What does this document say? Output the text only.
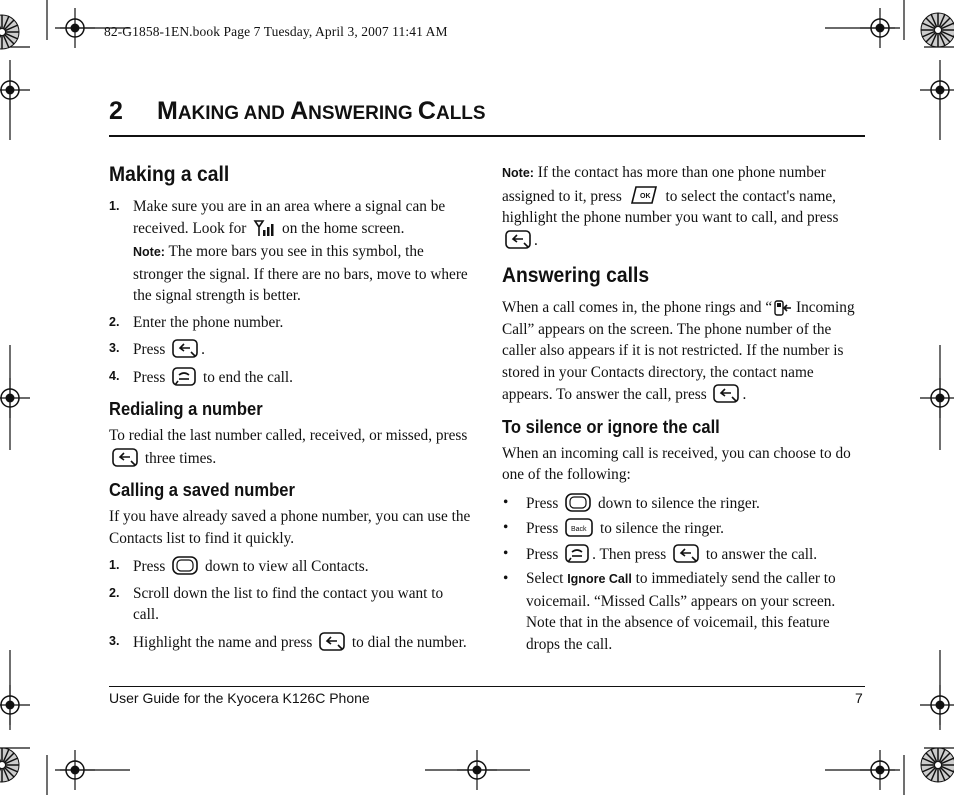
82-G1858-1EN.book Page 7 Tuesday, April 3, 2007 11:41 AM
2 MAKING AND ANSWERING CALLS
Making a call
1. Make sure you are in an area where a signal can be received. Look for  on the home screen.
Note: The more bars you see in this symbol, the stronger the signal. If there are no bars, move to where the signal strength is better.
2. Enter the phone number.
3. Press .
4. Press  to end the call.
Redialing a number

To redial the last number called, received, or missed, press  three times.

Calling a saved number

If you have already saved a phone number, you can use the Contacts list to find it quickly.

1. Press  down to view all Contacts.
2. Scroll down the list to find the contact you want to call.
3. Highlight the name and press  to dial the number.

Note: If the contact has more than one phone number assigned to it, press  to select the contact's name, highlight the phone number you want to call, and press .

Answering calls

When a call comes in, the phone rings and “ Incoming Call” appears on the screen. The phone number of the caller also appears if it is not restricted. If the number is stored in your Contacts directory, the contact name appears. To answer the call, press .

To silence or ignore the call

When an incoming call is received, you can choose to do one of the following:

• Press  down to silence the ringer.
• Press  to silence the ringer.
• Press . Then press  to answer the call.
• Select Ignore Call to immediately send the caller to voicemail. “Missed Calls” appears on your screen. Note that in the absence of voicemail, this feature drops the call.
User Guide for the Kyocera K126C Phone	7
